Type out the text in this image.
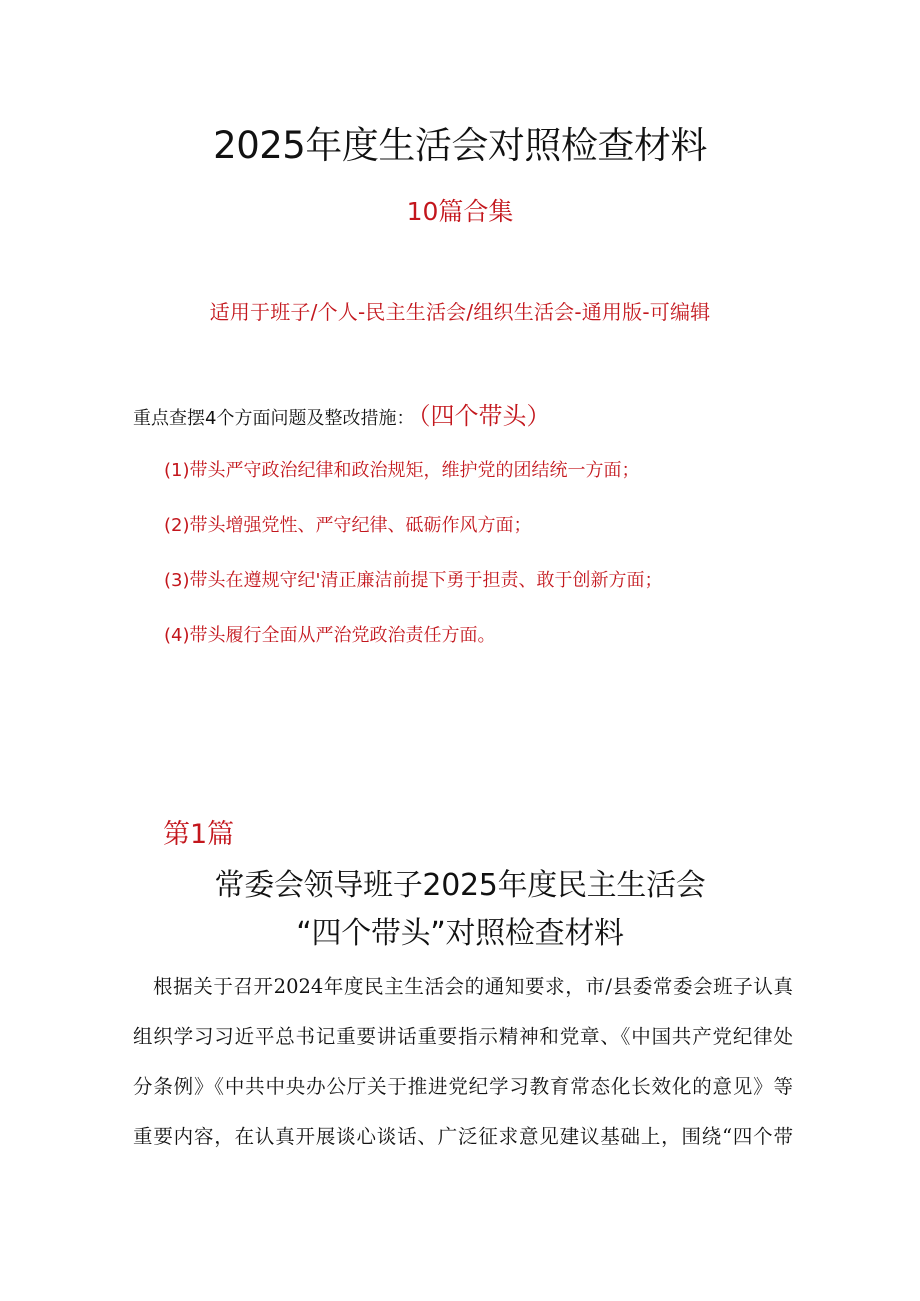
2025年度生活会对照检查材料
10篇合集
适用于班子/个人-民主生活会/组织生活会-通用版-可编辑
重点查摆4个方面问题及整改措施： （四个带头）
(1)带头严守政治纪律和政治规矩，维护党的团结统一方面；
(2)带头增强党性、严守纪律、砥砺作风方面；
(3)带头在遵规守纪'清正廉洁前提下勇于担责、敢于创新方面；
(4)带头履行全面从严治党政治责任方面。
第1篇
常委会领导班子2025年度民主生活会
“四个带头”对照检查材料
根据关于召开2024年度民主生活会的通知要求，市/县委常委会班子认真
组织学习习近平总书记重要讲话重要指示精神和党章、《中国共产党纪律处
分条例》《中共中央办公厅关于推进党纪学习教育常态化长效化的意见》等
重要内容，在认真开展谈心谈话、广泛征求意见建议基础上，围绕“四个带
